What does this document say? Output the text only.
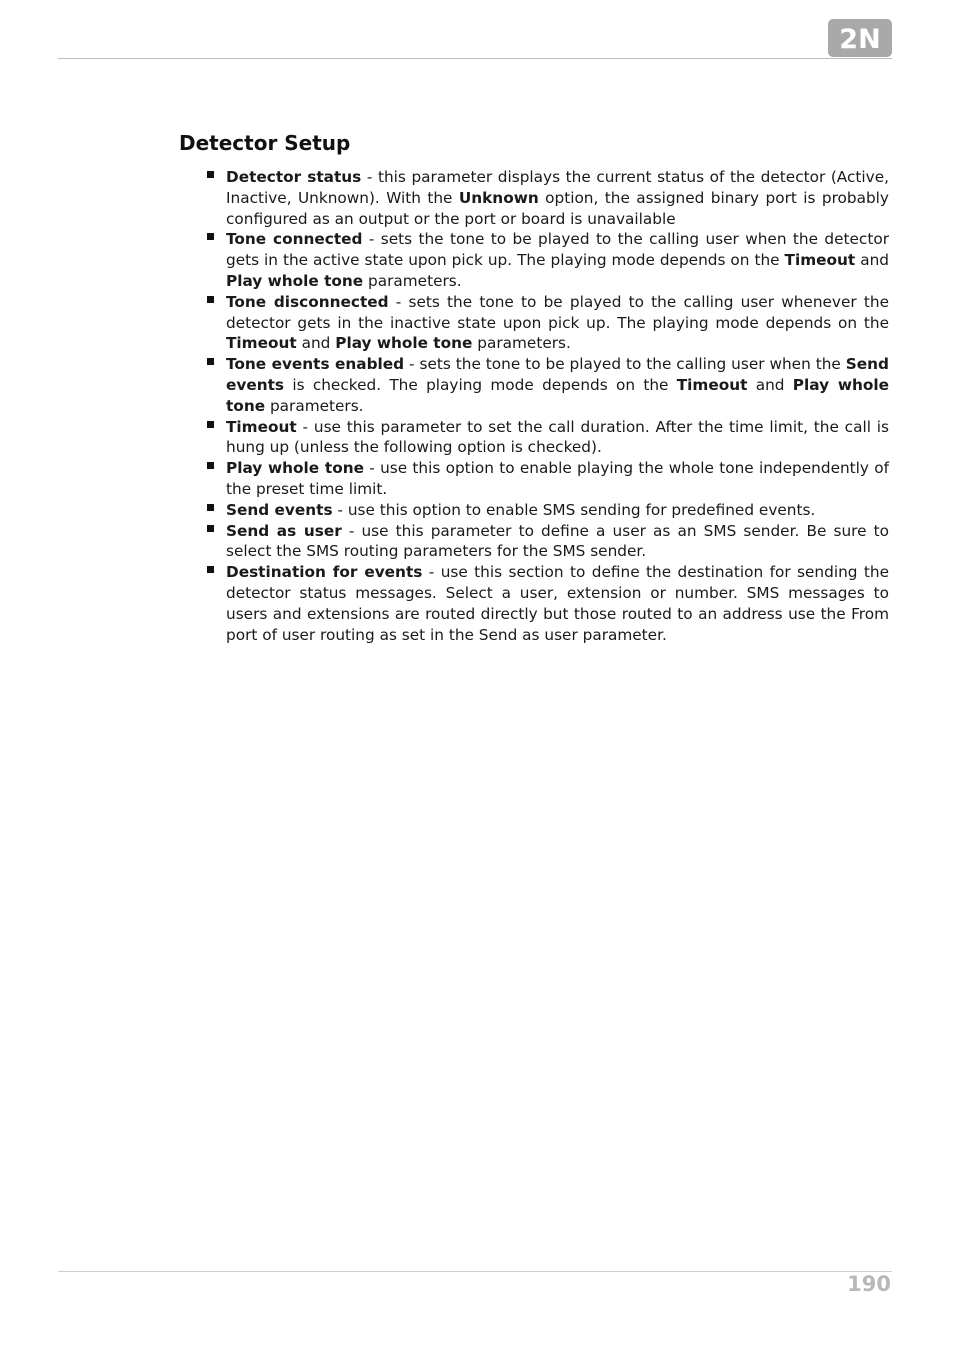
2N
Detector Setup
Detector status - this parameter displays the current status of the detector (Active, Inactive, Unknown). With the Unknown option, the assigned binary port is probably configured as an output or the port or board is unavailable
Tone connected - sets the tone to be played to the calling user when the detector gets in the active state upon pick up. The playing mode depends on the Timeout and Play whole tone parameters.
Tone disconnected - sets the tone to be played to the calling user whenever the detector gets in the inactive state upon pick up. The playing mode depends on the Timeout and Play whole tone parameters.
Tone events enabled - sets the tone to be played to the calling user when the Send events is checked. The playing mode depends on the Timeout and Play whole tone parameters.
Timeout - use this parameter to set the call duration. After the time limit, the call is hung up (unless the following option is checked).
Play whole tone - use this option to enable playing the whole tone independently of the preset time limit.
Send events - use this option to enable SMS sending for predefined events.
Send as user - use this parameter to define a user as an SMS sender. Be sure to select the SMS routing parameters for the SMS sender.
Destination for events - use this section to define the destination for sending the detector status messages. Select a user, extension or number. SMS messages to users and extensions are routed directly but those routed to an address use the From port of user routing as set in the Send as user parameter.
190
